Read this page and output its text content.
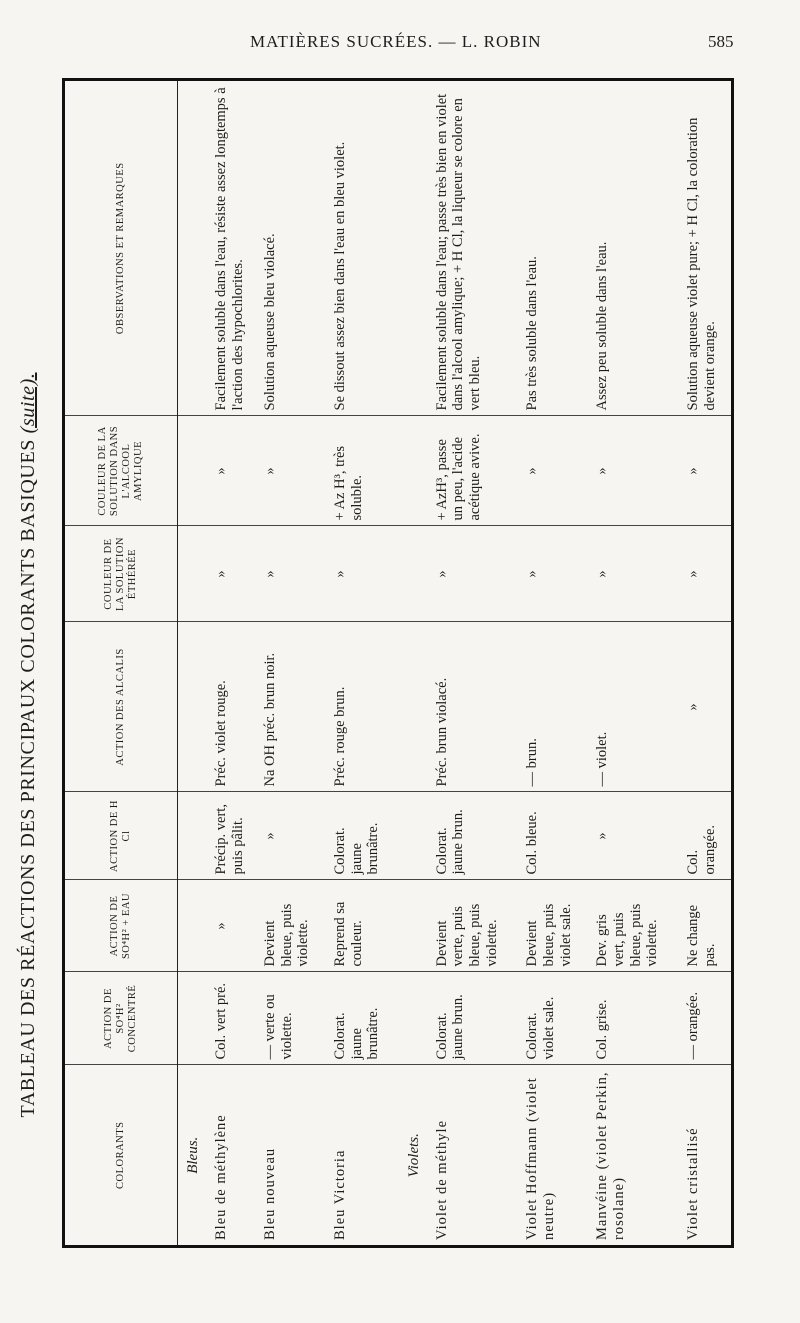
MATIÈRES SUCRÉES. — L. ROBIN	585
TABLEAU DES RÉACTIONS DES PRINCIPAUX COLORANTS BASIQUES (suite).
COLORANTS	ACTION DE SO⁴H² CONCENTRÉ	ACTION DE SO⁴H² + EAU	ACTION DE H Cl	ACTION DES ALCALIS	COULEUR DE LA SOLUTION ÉTHÉRÉE	COULEUR DE LA SOLUTION DANS L'ALCOOL AMYLIQUE	OBSERVATIONS ET REMARQUES
Bleus.							
Bleu de méthylène	Col. vert pré.	»	Précip. vert, puis pâlit.	Préc. violet rouge.	»	»	Facilement soluble dans l'eau, résiste assez longtemps à l'action des hypochlorites.
Bleu nouveau	— verte ou violette.	Devient bleue, puis violette.	»	Na OH préc. brun noir.	»	»	Solution aqueuse bleu violacé.
Bleu Victoria	Colorat. jaune brunâtre.	Reprend sa couleur.	Colorat. jaune brunâtre.	Préc. rouge brun.	»	+ Az H³, très soluble.	Se dissout assez bien dans l'eau en bleu violet.
Violets.							
Violet de méthyle	Colorat. jaune brun.	Devient verte, puis bleue, puis violette.	Colorat. jaune brun.	Préc. brun violacé.	»	+ AzH³, passe un peu, l'acide acétique avive.	Facilement soluble dans l'eau; passe très bien en violet dans l'alcool amylique; + H Cl, la liqueur se colore en vert bleu.
Violet Hoffmann (violet neutre)	Colorat. violet sale.	Devient bleue, puis violet sale.	Col. bleue.	— brun.	»	»	Pas très soluble dans l'eau.
Manvéine (violet Perkin, rosolane)	Col. grise.	Dev. gris vert, puis bleue, puis violette.	»	— violet.	»	»	Assez peu soluble dans l'eau.
Violet cristallisé	— orangée.	Ne change pas.	Col. orangée.	»	»	»	Solution aqueuse violet pure; + H Cl, la coloration devient orange.
